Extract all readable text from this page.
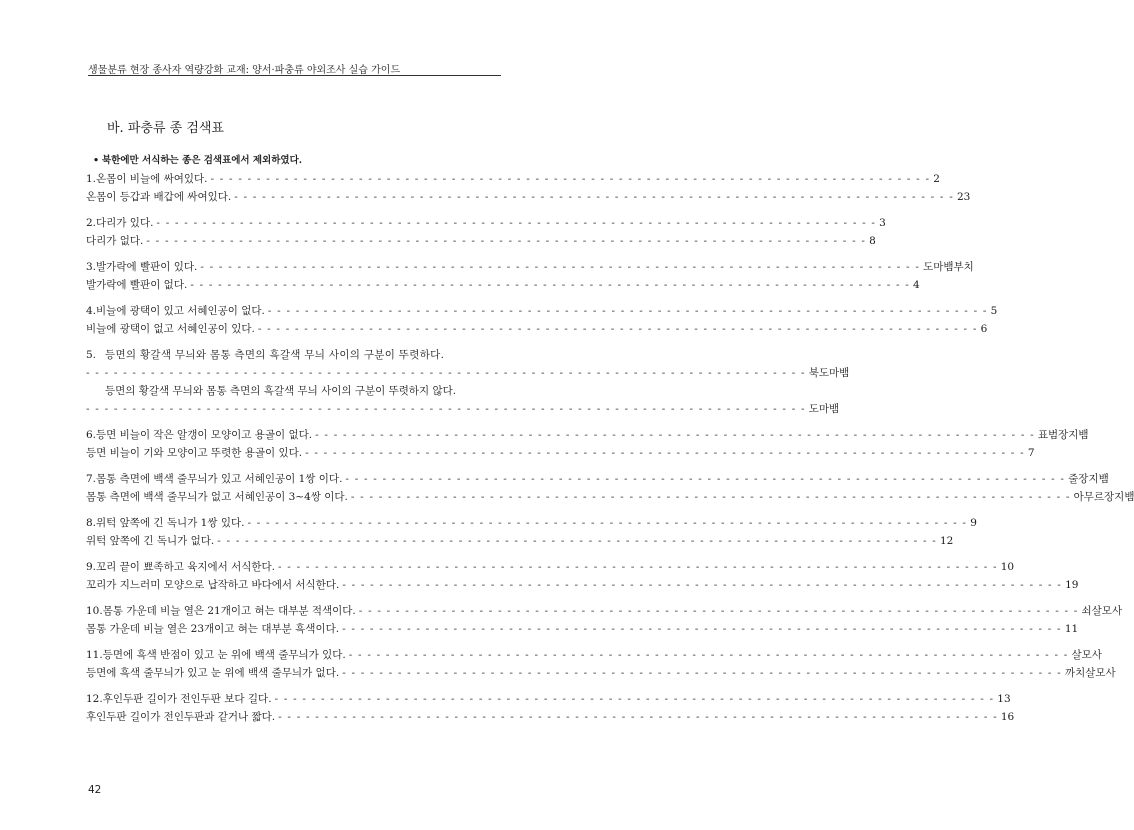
생물분류 현장 종사자 역량강화 교재: 양서·파충류 야외조사 실습 가이드
바. 파충류 종 검색표
• 북한에만 서식하는 종은 검색표에서 제외하였다.
1. 온몸이 비늘에 싸여있다. - - - - - - - - - - - - - - - - - - - - - - - - - - - - - - - - - - - - - - - - - - - - - - - - - - - - - - - - - - - - - - - - - - - - - - - - - - - - - - 2
온몸이 등갑과 배갑에 싸여있다. - - - - - - - - - - - - - - - - - - - - - - - - - - - - - - - - - - - - - - - - - - - - - - - - - - - - - - - - - - - - - - - - - - - - - - - - - - - - - - 23
2. 다리가 있다. - - - - - - - - - - - - - - - - - - - - - - - - - - - - - - - - - - - - - - - - - - - - - - - - - - - - - - - - - - - - - - - - - - - - - - - - - - - - - - 3
다리가 없다. - - - - - - - - - - - - - - - - - - - - - - - - - - - - - - - - - - - - - - - - - - - - - - - - - - - - - - - - - - - - - - - - - - - - - - - - - - - - - - 8
3. 발가락에 빨판이 있다. - - - - - - - - - - - - - - - - - - - - - - - - - - - - - - - - - - - - - - - - - - - - - - - - - - - - - - - - - - - - - - - - - - - - - - - - - - - - - - 도마뱀부치
발가락에 빨판이 없다. - - - - - - - - - - - - - - - - - - - - - - - - - - - - - - - - - - - - - - - - - - - - - - - - - - - - - - - - - - - - - - - - - - - - - - - - - - - - - - 4
4. 비늘에 광택이 있고 서혜인공이 없다. - - - - - - - - - - - - - - - - - - - - - - - - - - - - - - - - - - - - - - - - - - - - - - - - - - - - - - - - - - - - - - - - - - - - - - - - - - - - - - 5
비늘에 광택이 없고 서혜인공이 있다. - - - - - - - - - - - - - - - - - - - - - - - - - - - - - - - - - - - - - - - - - - - - - - - - - - - - - - - - - - - - - - - - - - - - - - - - - - - - - - 6
5. 등면의 황갈색 무늬와 몸통 측면의 흑갈색 무늬 사이의 구분이 뚜렷하다.
- - - - - - - - - - - - - - - - - - - - - - - - - - - - - - - - - - - - - - - - - - - - - - - - - - - - - - - - - - - - - - - - - - - - - - - - - - - - - - 북도마뱀
등면의 황갈색 무늬와 몸통 측면의 흑갈색 무늬 사이의 구분이 뚜렷하지 않다.
- - - - - - - - - - - - - - - - - - - - - - - - - - - - - - - - - - - - - - - - - - - - - - - - - - - - - - - - - - - - - - - - - - - - - - - - - - - - - - 도마뱀
6. 등면 비늘이 작은 알갱이 모양이고 용골이 없다. - - - - - - - - - - - - - - - - - - - - - - - - - - - - - - - - - - - - - - - - - - - - - - - - - - - - - - - - - - - - - - - - - - - - - - - - - - - - - - 표범장지뱀
등면 비늘이 기와 모양이고 뚜렷한 용골이 있다. - - - - - - - - - - - - - - - - - - - - - - - - - - - - - - - - - - - - - - - - - - - - - - - - - - - - - - - - - - - - - - - - - - - - - - - - - - - - - - 7
7. 몸통 측면에 백색 줄무늬가 있고 서혜인공이 1쌍 이다. - - - - - - - - - - - - - - - - - - - - - - - - - - - - - - - - - - - - - - - - - - - - - - - - - - - - - - - - - - - - - - - - - - - - - - - - - - - - - - 줄장지뱀
몸통 측면에 백색 줄무늬가 없고 서혜인공이 3~4쌍 이다. - - - - - - - - - - - - - - - - - - - - - - - - - - - - - - - - - - - - - - - - - - - - - - - - - - - - - - - - - - - - - - - - - - - - - - - - - - - - - - 아무르장지뱀
8. 위턱 앞쪽에 긴 독니가 1쌍 있다. - - - - - - - - - - - - - - - - - - - - - - - - - - - - - - - - - - - - - - - - - - - - - - - - - - - - - - - - - - - - - - - - - - - - - - - - - - - - - - 9
위턱 앞쪽에 긴 독니가 없다. - - - - - - - - - - - - - - - - - - - - - - - - - - - - - - - - - - - - - - - - - - - - - - - - - - - - - - - - - - - - - - - - - - - - - - - - - - - - - - 12
9. 꼬리 끝이 뾰족하고 육지에서 서식한다. - - - - - - - - - - - - - - - - - - - - - - - - - - - - - - - - - - - - - - - - - - - - - - - - - - - - - - - - - - - - - - - - - - - - - - - - - - - - - - 10
꼬리가 지느러미 모양으로 납작하고 바다에서 서식한다. - - - - - - - - - - - - - - - - - - - - - - - - - - - - - - - - - - - - - - - - - - - - - - - - - - - - - - - - - - - - - - - - - - - - - - - - - - - - - - 19
10. 몸통 가운데 비늘 열은 21개이고 혀는 대부분 적색이다. - - - - - - - - - - - - - - - - - - - - - - - - - - - - - - - - - - - - - - - - - - - - - - - - - - - - - - - - - - - - - - - - - - - - - - - - - - - - - - 쇠살모사
몸통 가운데 비늘 열은 23개이고 혀는 대부분 흑색이다. - - - - - - - - - - - - - - - - - - - - - - - - - - - - - - - - - - - - - - - - - - - - - - - - - - - - - - - - - - - - - - - - - - - - - - - - - - - - - - 11
11. 등면에 흑색 반점이 있고 눈 위에 백색 줄무늬가 있다. - - - - - - - - - - - - - - - - - - - - - - - - - - - - - - - - - - - - - - - - - - - - - - - - - - - - - - - - - - - - - - - - - - - - - - - - - - - - - - 살모사
등면에 흑색 줄무늬가 있고 눈 위에 백색 줄무늬가 없다. - - - - - - - - - - - - - - - - - - - - - - - - - - - - - - - - - - - - - - - - - - - - - - - - - - - - - - - - - - - - - - - - - - - - - - - - - - - - - - 까치살모사
12. 후인두판 길이가 전인두판 보다 길다. - - - - - - - - - - - - - - - - - - - - - - - - - - - - - - - - - - - - - - - - - - - - - - - - - - - - - - - - - - - - - - - - - - - - - - - - - - - - - - 13
후인두판 길이가 전인두판과 같거나 짧다. - - - - - - - - - - - - - - - - - - - - - - - - - - - - - - - - - - - - - - - - - - - - - - - - - - - - - - - - - - - - - - - - - - - - - - - - - - - - - - 16
42
